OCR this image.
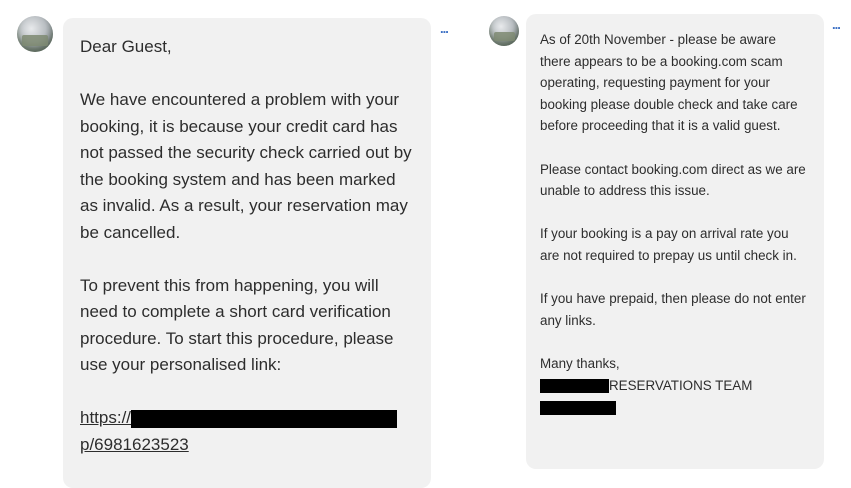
Dear Guest,

We have encountered a problem with your booking, it is because your credit card has not passed the security check carried out by the booking system and has been marked as invalid. As a result, your reservation may be cancelled.

To prevent this from happening, you will need to complete a short card verification procedure. To start this procedure, please use your personalised link:

https://
p/6981623523

...

As of 20th November - please be aware there appears to be a booking.com scam operating, requesting payment for your booking please double check and take care before proceeding that it is a valid guest.

Please contact booking.com direct as we are unable to address this issue.

If your booking is a pay on arrival rate you are not required to prepay us until check in.

If you have prepaid, then please do not enter any links.

Many thanks,

RESERVATIONS TEAM

...
